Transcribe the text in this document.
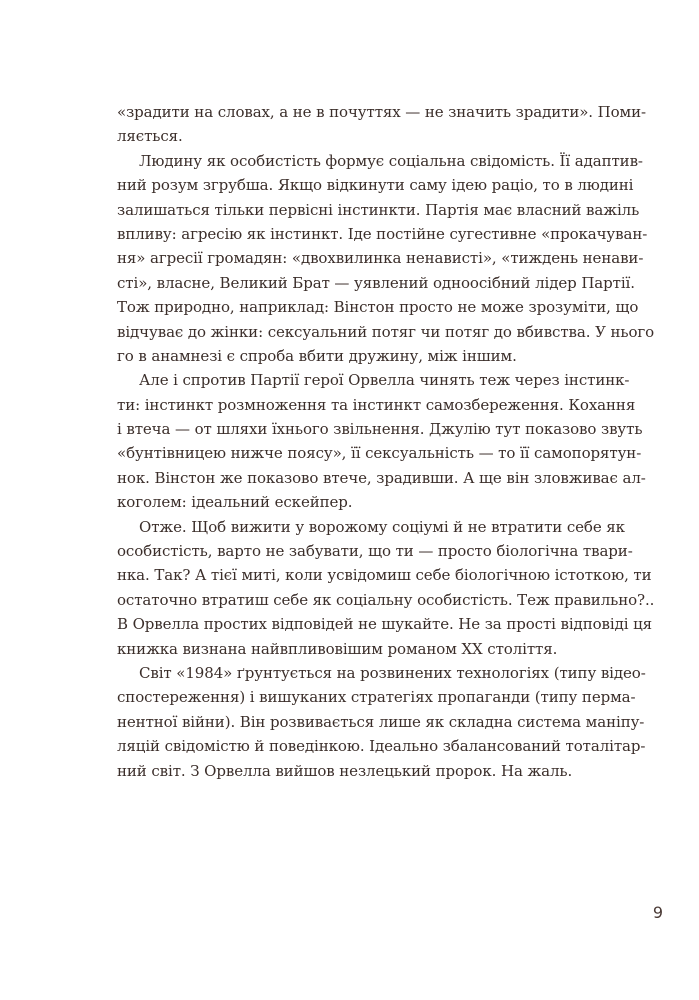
«зрадити на словах, а не в почуттях — не значить зрадити». Поми-
ляється.
Людину як особистість формує соціальна свідомість. Її адаптив-
ний розум згрубша. Якщо відкинути саму ідею раціо, то в людині
залишаться тільки первісні інстинкти. Партія має власний важіль
впливу: агресію як інстинкт. Іде постійне сугестивне «прокачуван-
ня» агресії громадян: «двохвилинка ненависті», «тиждень ненави-
сті», власне, Великий Брат — уявлений одноосібний лідер Партії.
Тож природно, наприклад: Вінстон просто не може зрозуміти, що
відчуває до жінки: сексуальний потяг чи потяг до вбивства. У нього
го в анамнезі є спроба вбити дружину, між іншим.
Але і спротив Партії герої Орвелла чинять теж через інстинк-
ти: інстинкт розмноження та інстинкт самозбереження. Кохання
і втеча — от шляхи їхнього звільнення. Джулію тут показово звуть
«бунтівницею нижче поясу», її сексуальність — то її самопорятун-
нок. Вінстон же показово втече, зрадивши. А ще він зловживає ал-
коголем: ідеальний ескейпер.
Отже. Щоб вижити у ворожому соціумі й не втратити себе як
особистість, варто не забувати, що ти — просто біологічна твари-
нка. Так? А тієї миті, коли усвідомиш себе біологічною істоткою, ти
остаточно втратиш себе як соціальну особистість. Теж правильно?..
В Орвелла простих відповідей не шукайте. Не за прості відповіді ця
книжка визнана найвпливовішим романом ХХ століття.
Світ «1984» ґрунтується на розвинених технологіях (типу відео-
спостереження) і вишуканих стратегіях пропаганди (типу перма-
нентної війни). Він розвивається лише як складна система маніпу-
ляцій свідомістю й поведінкою. Ідеально збалансований тоталітар-
ний світ. З Орвелла вийшов незлецький пророк. На жаль.
9
